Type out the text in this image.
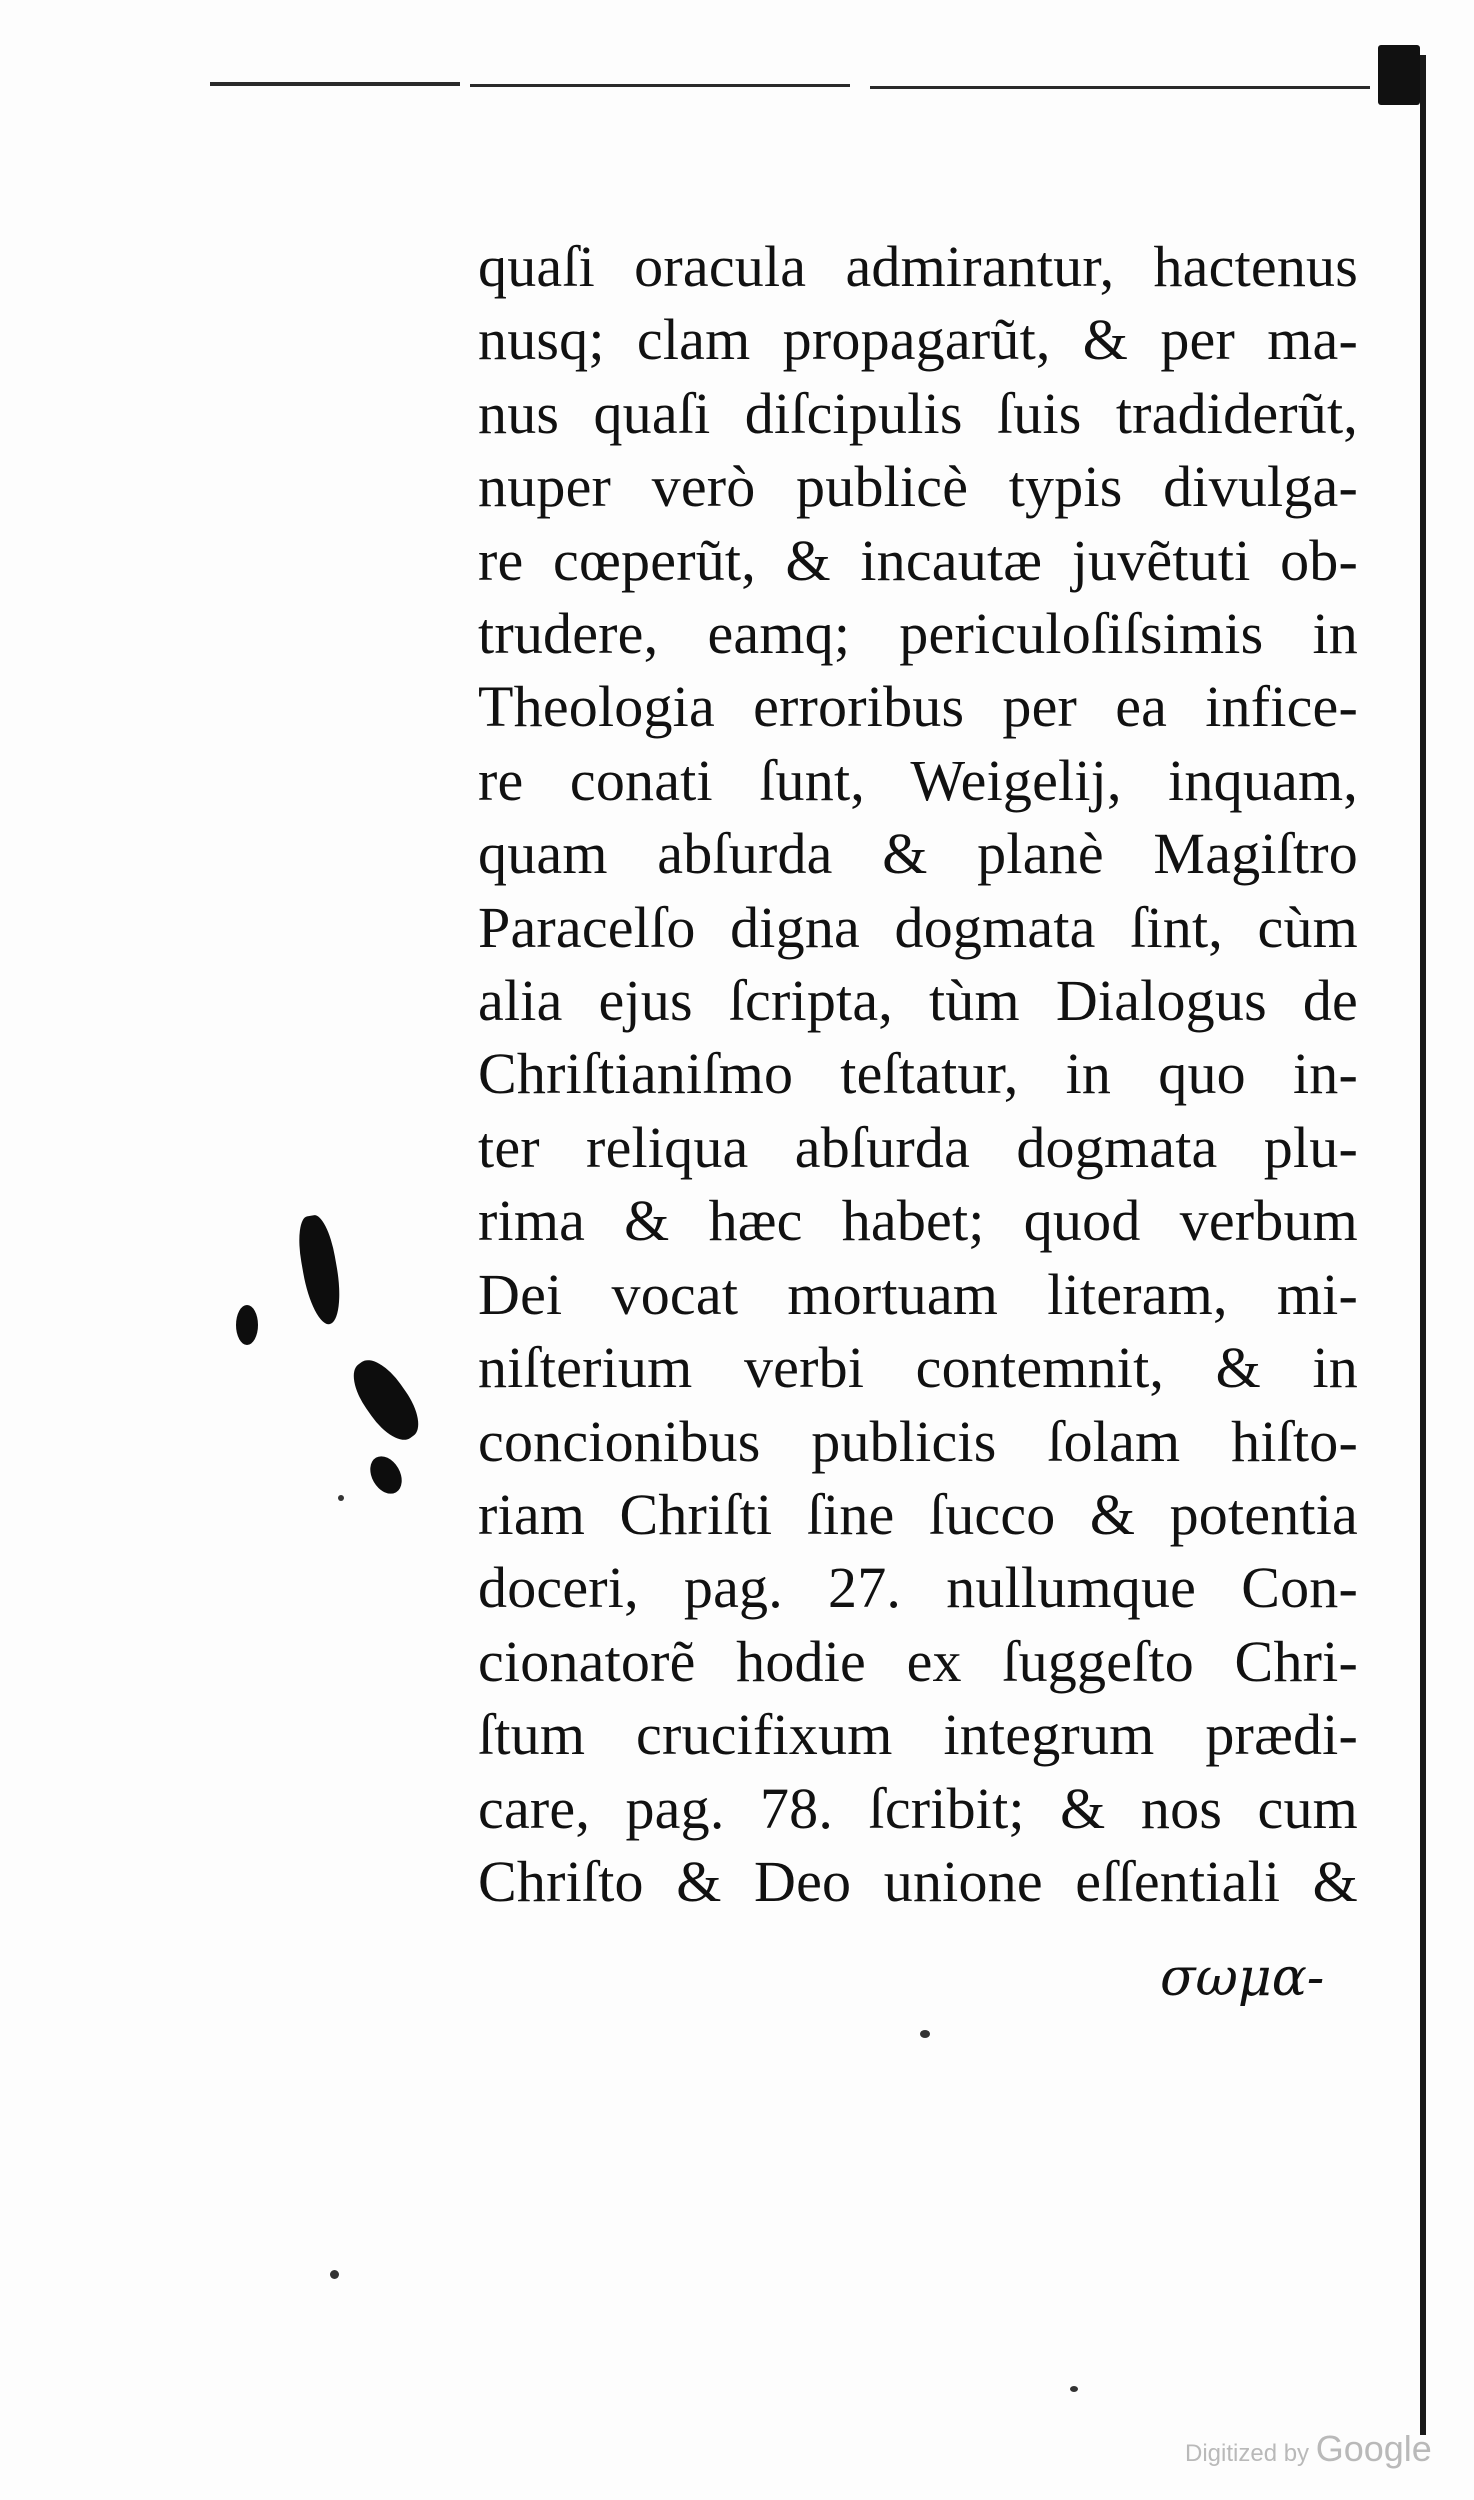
quaſi oracula admirantur, hactenus
nusq; clam propagarũt, & per ma-
nus quaſi diſcipulis ſuis tradiderũt,
nuper verò publicè typis divulga-
re cœperũt, & incautæ juvẽtuti ob-
trudere, eamq; periculoſiſsimis in
Theologia erroribus per ea infice-
re conati ſunt, Weigelij, inquam,
quam abſurda & planè Magiſtro
Paracelſo digna dogmata ſint, cùm
alia ejus ſcripta, tùm Dialogus de
Chriſtianiſmo teſtatur, in quo in-
ter reliqua abſurda dogmata plu-
rima & hæc habet; quod verbum
Dei vocat mortuam literam, mi-
niſterium verbi contemnit, & in
concionibus publicis ſolam hiſto-
riam Chriſti ſine ſucco & potentia
doceri, pag. 27. nullumque Con-
cionatorẽ hodie ex ſuggeſto Chri-
ſtum crucifixum integrum prædi-
care, pag. 78. ſcribit; & nos cum
Chriſto & Deo unione eſſentiali &
σωμα-
Digitized by Google
